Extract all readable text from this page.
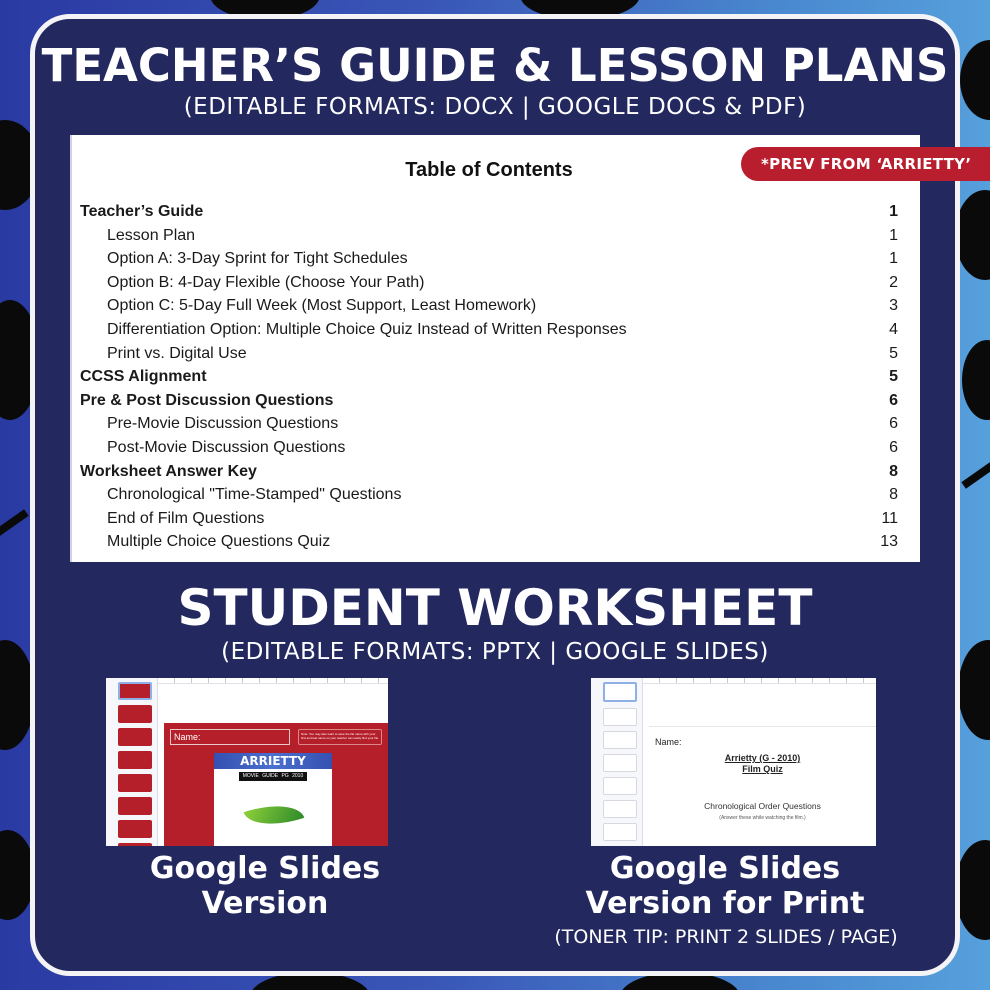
TEACHER’S GUIDE & LESSON PLANS
(EDITABLE FORMATS: DOCX | GOOGLE DOCS & PDF)
Table of Contents
Teacher’s Guide	1
Lesson Plan	1
Option A: 3-Day Sprint for Tight Schedules	1
Option B: 4-Day Flexible (Choose Your Path)	2
Option C: 5-Day Full Week (Most Support, Least Homework)	3
Differentiation Option: Multiple Choice Quiz Instead of Written Responses	4
Print vs. Digital Use	5
CCSS Alignment	5
Pre & Post Discussion Questions	6
Pre-Movie Discussion Questions	6
Post-Movie Discussion Questions	6
Worksheet Answer Key	8
Chronological "Time-Stamped" Questions	8
End of Film Questions	11
Multiple Choice Questions Quiz	13
*PREV FROM ‘ARRIETTY’
STUDENT WORKSHEET
(EDITABLE FORMATS: PPTX | GOOGLE SLIDES)
Name:	Note: You may also want to save the file name with your first and last name so your teacher can easily find your file
ARRIETTY
MOVIE GUIDE PG 2010
Name:
Arrietty (G - 2010)
Film Quiz
Chronological Order Questions
(Answer these while watching the film.)
Google Slides
Version
Google Slides
Version for Print
(TONER TIP: PRINT 2 SLIDES / PAGE)
